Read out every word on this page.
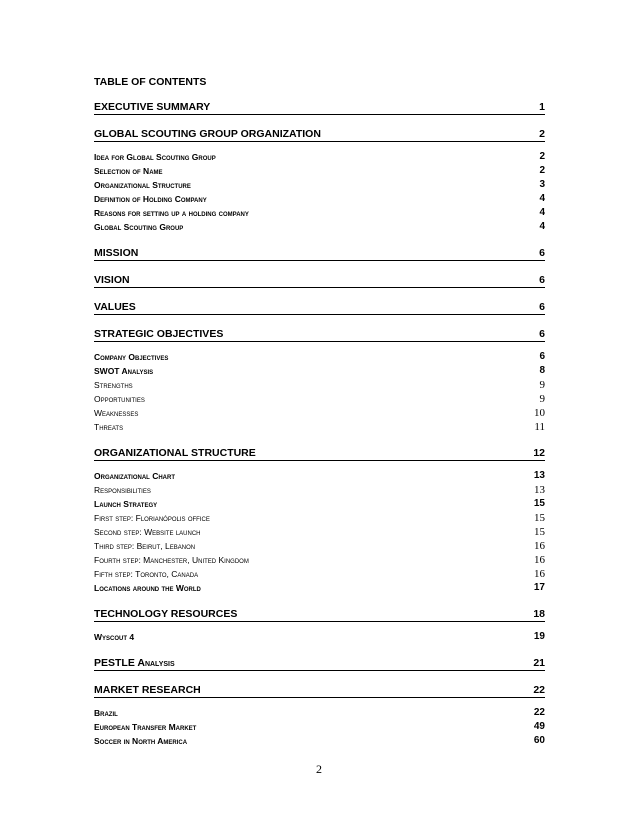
TABLE OF CONTENTS
EXECUTIVE SUMMARY	1
GLOBAL SCOUTING GROUP ORGANIZATION	2
Idea for Global Scouting Group	2
Selection of Name	2
Organizational Structure	3
Definition of Holding Company	4
Reasons for setting up a holding company	4
Global Scouting Group	4
MISSION	6
VISION	6
VALUES	6
STRATEGIC OBJECTIVES	6
Company Objectives	6
SWOT Analysis	8
Strengths	9
Opportunities	9
Weaknesses	10
Threats	11
ORGANIZATIONAL STRUCTURE	12
Organizational Chart	13
Responsibilities	13
Launch Strategy	15
First step: Florianópolis office	15
Second step: Website launch	15
Third step: Beirut, Lebanon	16
Fourth step: Manchester, United Kingdom	16
Fifth step: Toronto, Canada	16
Locations around the World	17
TECHNOLOGY RESOURCES	18
Wyscout 4	19
PESTLE Analysis	21
MARKET RESEARCH	22
Brazil	22
European Transfer Market	49
Soccer in North America	60
2
